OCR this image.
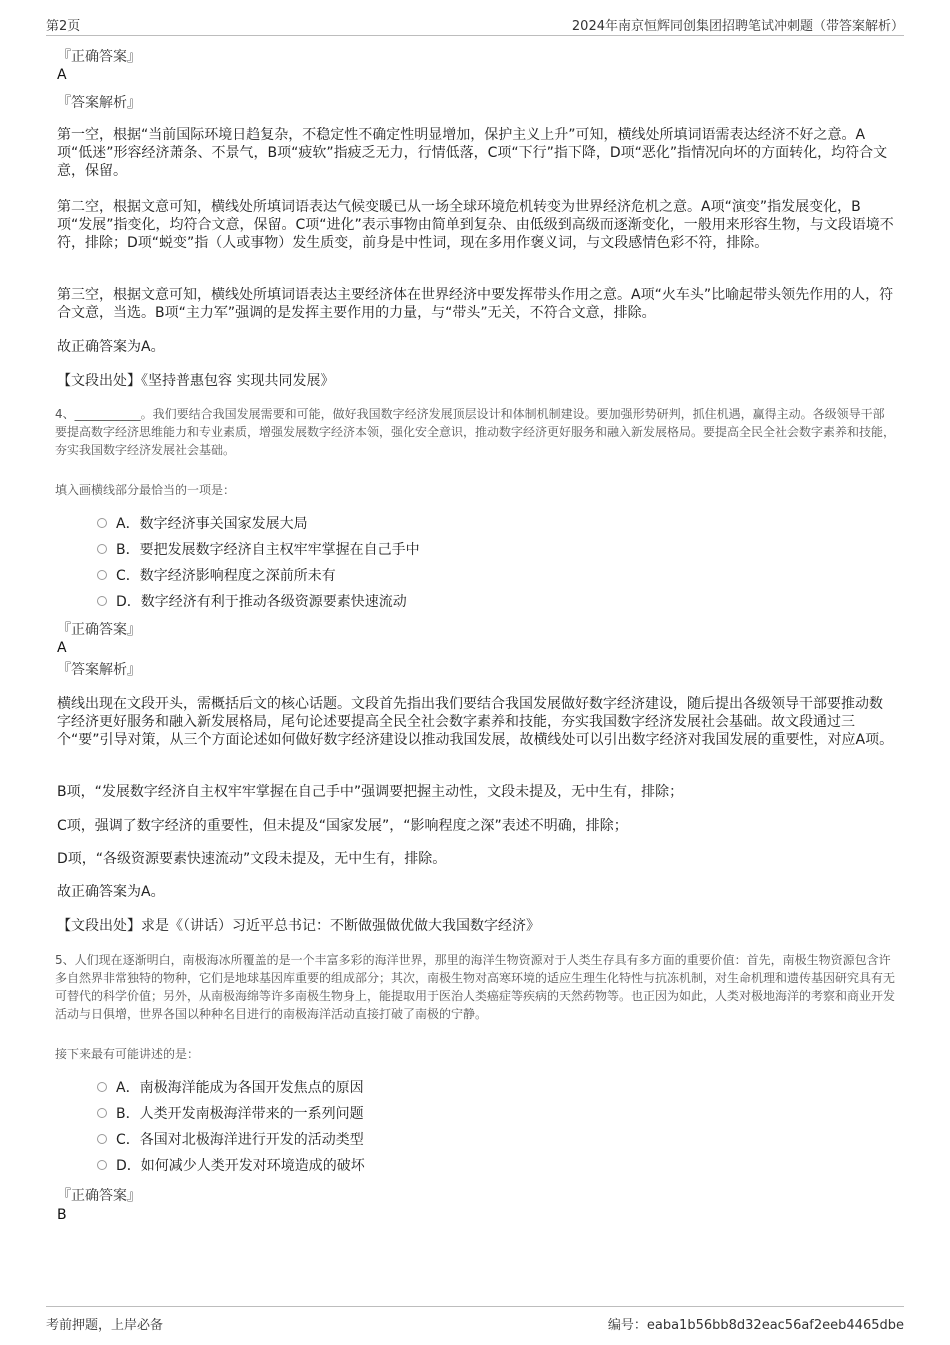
第2页	2024年南京恒辉同创集团招聘笔试冲刺题（带答案解析）
『正确答案』
A
『答案解析』
第一空，根据“当前国际环境日趋复杂，不稳定性不确定性明显增加，保护主义上升”可知，横线处所填词语需表达经济不好之意。A项“低迷”形容经济萧条、不景气，B项“疲软”指疲乏无力，行情低落，C项“下行”指下降，D项“恶化”指情况向坏的方面转化，均符合文意，保留。
第二空，根据文意可知，横线处所填词语表达气候变暖已从一场全球环境危机转变为世界经济危机之意。A项“演变”指发展变化，B项“发展”指变化，均符合文意，保留。C项“进化”表示事物由简单到复杂、由低级到高级而逐渐变化，一般用来形容生物，与文段语境不符，排除；D项“蜕变”指（人或事物）发生质变，前身是中性词，现在多用作褒义词，与文段感情色彩不符，排除。
第三空，根据文意可知，横线处所填词语表达主要经济体在世界经济中要发挥带头作用之意。A项“火车头”比喻起带头领先作用的人，符合文意，当选。B项“主力军”强调的是发挥主要作用的力量，与“带头”无关，不符合文意，排除。
故正确答案为A。
【文段出处】《坚持普惠包容 实现共同发展》
4、___________。我们要结合我国发展需要和可能，做好我国数字经济发展顶层设计和体制机制建设。要加强形势研判，抓住机遇，赢得主动。各级领导干部要提高数字经济思维能力和专业素质，增强发展数字经济本领，强化安全意识，推动数字经济更好服务和融入新发展格局。要提高全民全社会数字素养和技能，夯实我国数字经济发展社会基础。
填入画横线部分最恰当的一项是：
A．数字经济事关国家发展大局
B．要把发展数字经济自主权牢牢掌握在自己手中
C．数字经济影响程度之深前所未有
D．数字经济有利于推动各级资源要素快速流动
『正确答案』
A
『答案解析』
横线出现在文段开头，需概括后文的核心话题。文段首先指出我们要结合我国发展做好数字经济建设，随后提出各级领导干部要推动数字经济更好服务和融入新发展格局，尾句论述要提高全民全社会数字素养和技能，夯实我国数字经济发展社会基础。故文段通过三个“要”引导对策，从三个方面论述如何做好数字经济建设以推动我国发展，故横线处可以引出数字经济对我国发展的重要性，对应A项。
B项，“发展数字经济自主权牢牢掌握在自己手中”强调要把握主动性，文段未提及，无中生有，排除；
C项，强调了数字经济的重要性，但未提及“国家发展”，“影响程度之深”表述不明确，排除；
D项，“各级资源要素快速流动”文段未提及，无中生有，排除。
故正确答案为A。
【文段出处】求是《（讲话）习近平总书记：不断做强做优做大我国数字经济》
5、人们现在逐渐明白，南极海冰所覆盖的是一个丰富多彩的海洋世界，那里的海洋生物资源对于人类生存具有多方面的重要价值：首先，南极生物资源包含许多自然界非常独特的物种，它们是地球基因库重要的组成部分；其次，南极生物对高寒环境的适应生理生化特性与抗冻机制，对生命机理和遗传基因研究具有无可替代的科学价值；另外，从南极海绵等许多南极生物身上，能提取用于医治人类癌症等疾病的天然药物等。也正因为如此，人类对极地海洋的考察和商业开发活动与日俱增，世界各国以种种名目进行的南极海洋活动直接打破了南极的宁静。
接下来最有可能讲述的是：
A．南极海洋能成为各国开发焦点的原因
B．人类开发南极海洋带来的一系列问题
C．各国对北极海洋进行开发的活动类型
D．如何减少人类开发对环境造成的破坏
『正确答案』
B
考前押题，上岸必备	编号：eaba1b56bb8d32eac56af2eeb4465dbe
